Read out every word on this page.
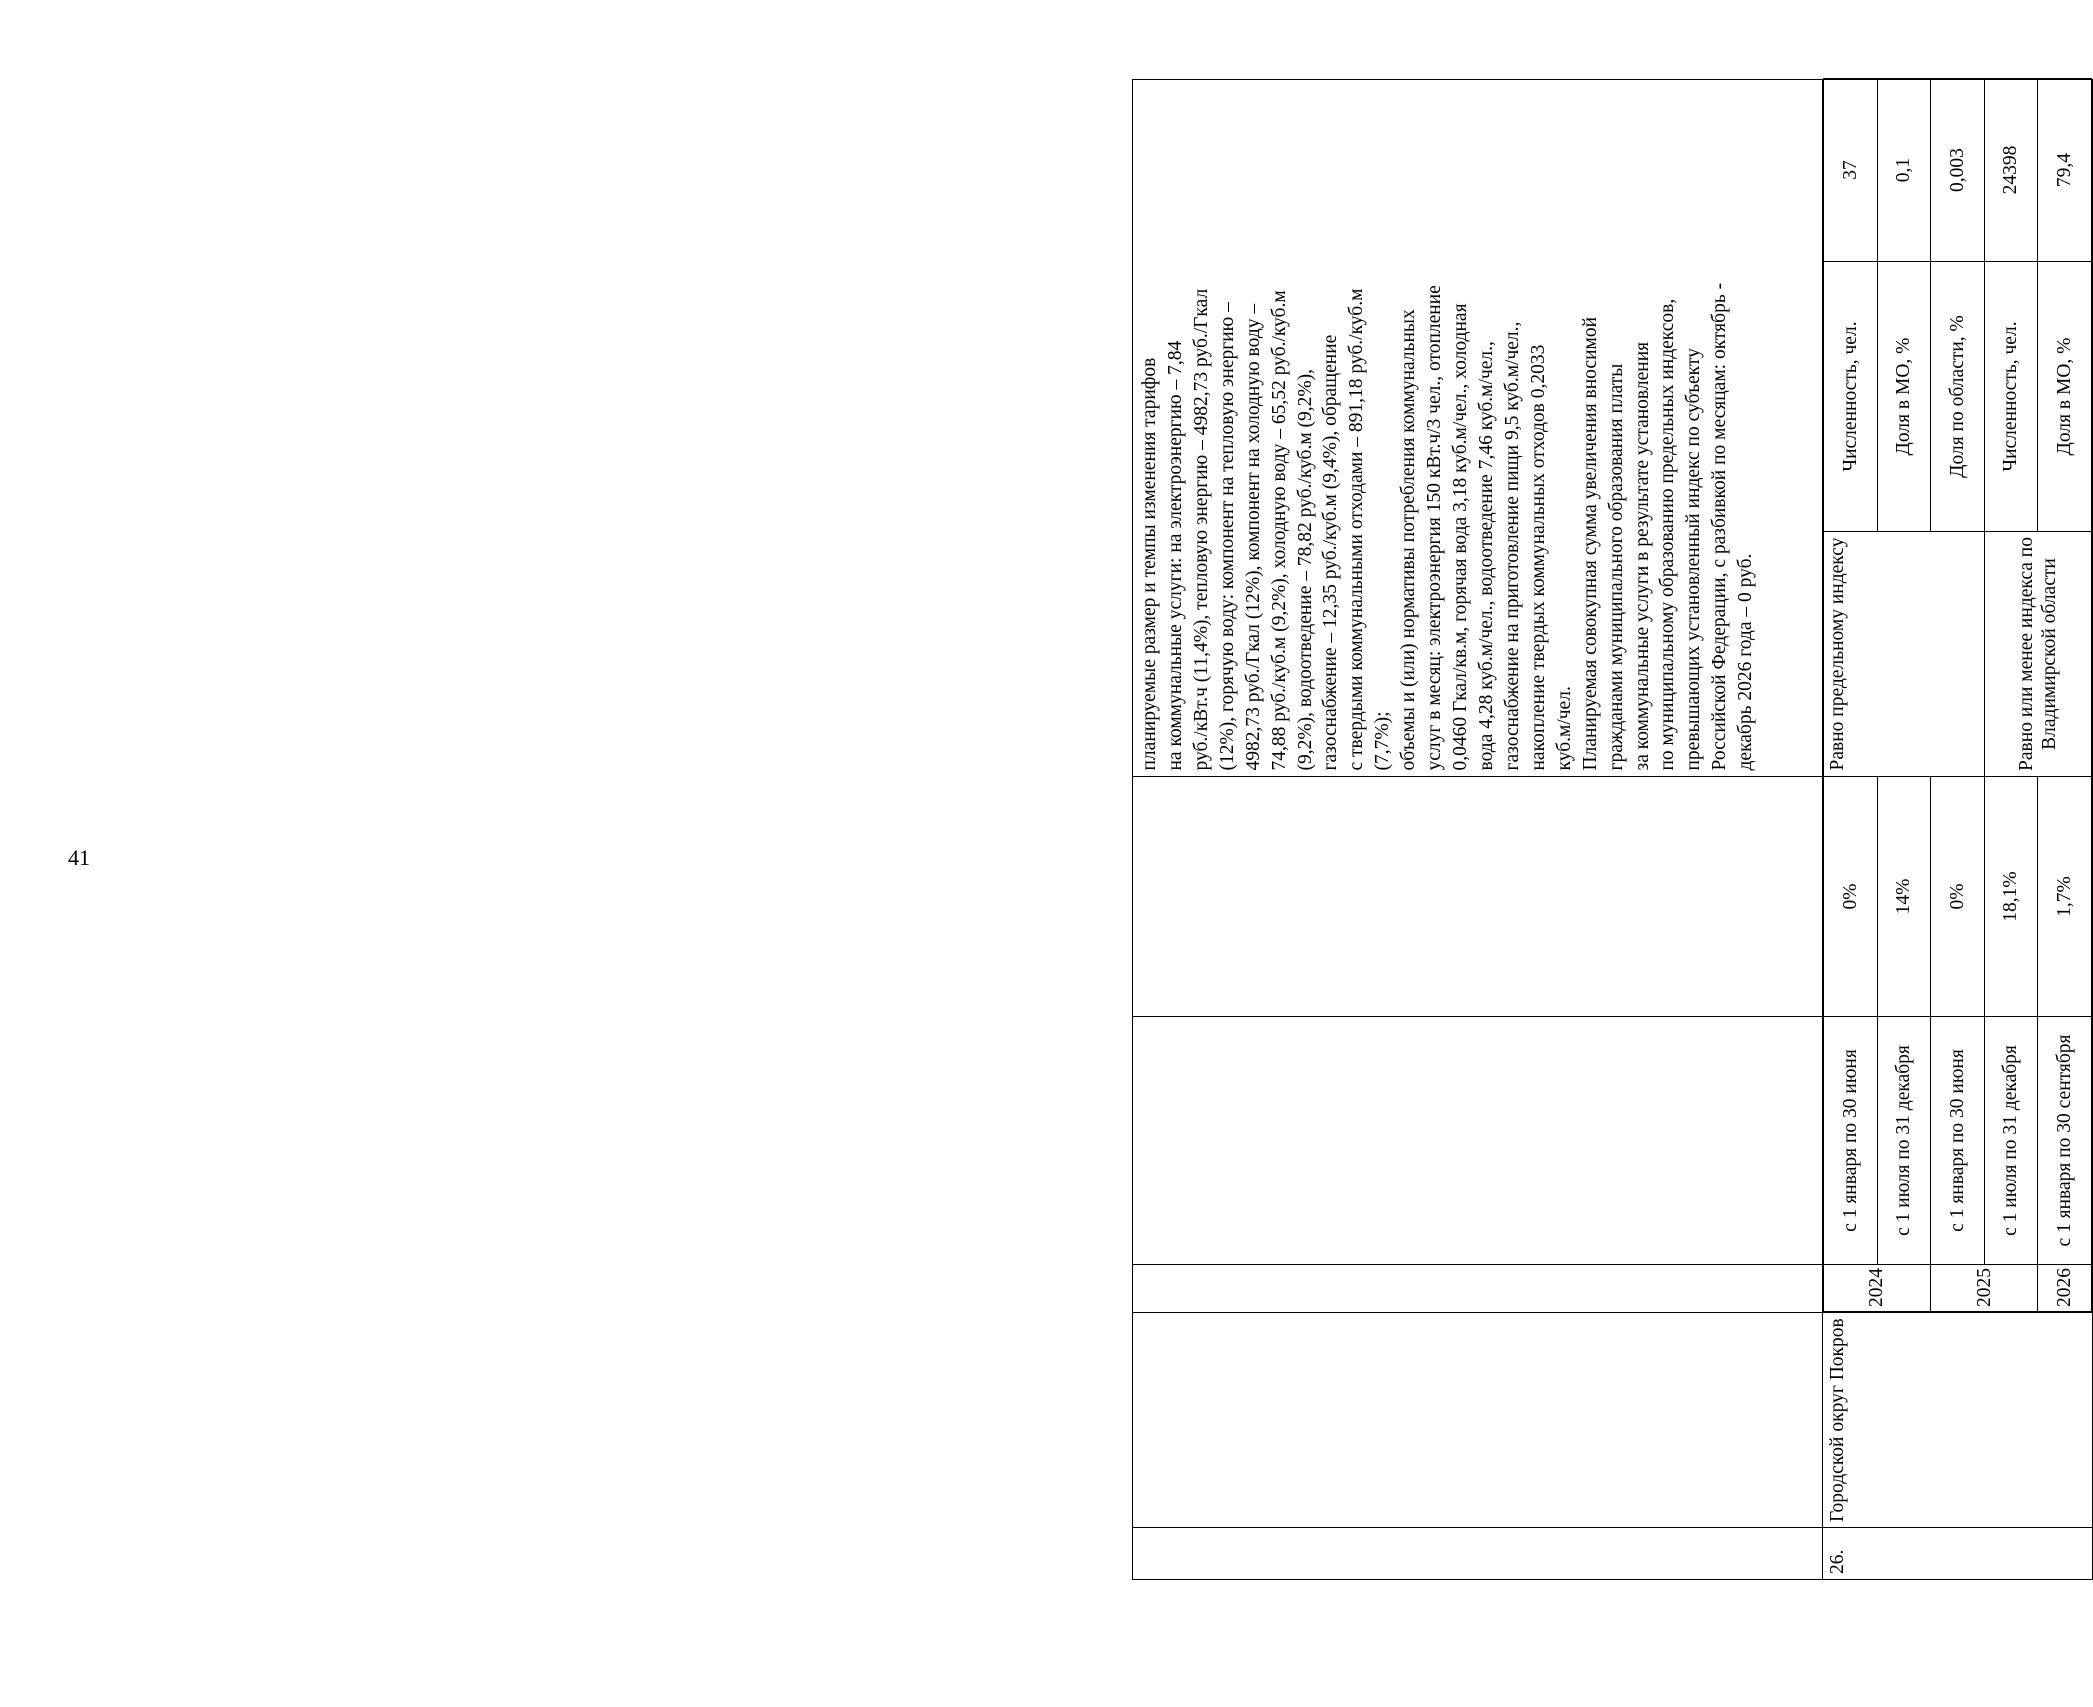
41

планируемые размер и темпы изменения тарифов
на коммунальные услуги: на электроэнергию – 7,84
руб./кВт.ч (11,4%), тепловую энергию – 4982,73 руб./Гкал
(12%), горячую воду: компонент на тепловую энергию –
4982,73 руб./Гкал (12%), компонент на холодную воду –
74,88 руб./куб.м (9,2%), холодную воду – 65,52 руб./куб.м
(9,2%), водоотведение – 78,82 руб./куб.м (9,2%),
газоснабжение – 12,35 руб./куб.м (9,4%), обращение
с твердыми коммунальными отходами – 891,18 руб./куб.м
(7,7%);
объемы и (или) нормативы потребления коммунальных
услуг в месяц: электроэнергия 150 кВт.ч/3 чел., отопление
0,0460 Гкал/кв.м, горячая вода 3,18 куб.м/чел., холодная
вода 4,28 куб.м/чел., водоотведение 7,46 куб.м/чел.,
газоснабжение на приготовление пищи 9,5 куб.м/чел.,
накопление твердых коммунальных отходов 0,2033
куб.м/чел.
Планируемая совокупная сумма увеличения вносимой
гражданами муниципального образования платы
за коммунальные услуги в результате установления
по муниципальному образованию предельных индексов,
превышающих установленный индекс по субъекту
Российской Федерации, с разбивкой по месяцам: октябрь -
декабрь 2026 года – 0 руб.

26.	Городской округ Покров	
2024	с 1 января по 30 июня	0%	Равно предельному индексу	Численность, чел.	37
с 1 июля по 31 декабря	14%	Доля в МО, %	0,1
2025	с 1 января по 30 июня	0%	Доля по области, %	0,003
с 1 июля по 31 декабря	18,1%	Равно или менее индекса по Владимирской области	Численность, чел.	24398
2026	с 1 января по 30 сентября	1,7%	Доля в МО, %	79,4
